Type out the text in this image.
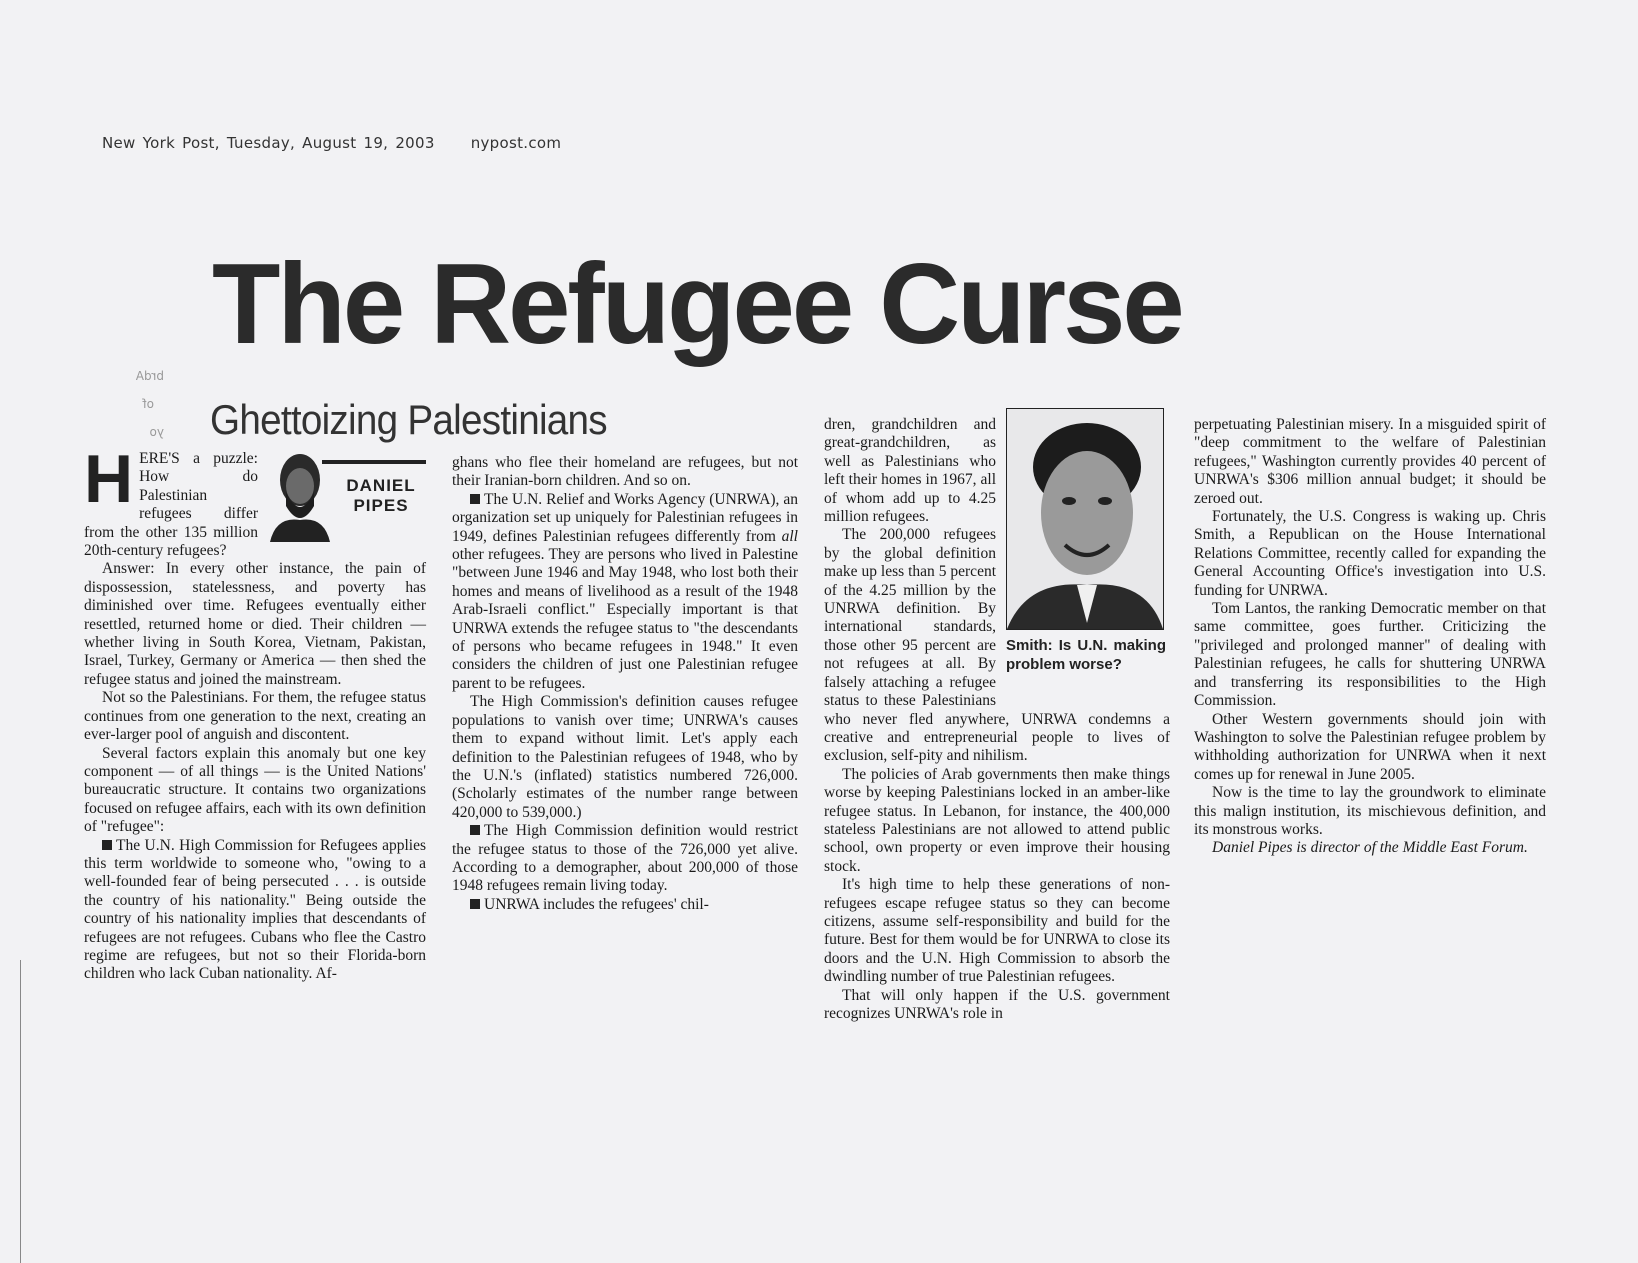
New York Post, Tuesday, August 19, 2003 nypost.com
brdA
of
yo
The Refugee Curse
Ghettoizing Palestinians
DANIEL PIPES

HERE'S a puzzle: How do Palestinian refugees differ from the other 135 million 20th-century refugees?

Answer: In every other instance, the pain of dispossession, statelessness, and poverty has diminished over time. Refugees eventually either resettled, returned home or died. Their children — whether living in South Korea, Vietnam, Pakistan, Israel, Turkey, Germany or America — then shed the refugee status and joined the mainstream.

Not so the Palestinians. For them, the refugee status continues from one generation to the next, creating an ever-larger pool of anguish and discontent.

Several factors explain this anomaly but one key component — of all things — is the United Nations' bureaucratic structure. It contains two organizations focused on refugee affairs, each with its own definition of "refugee":

The U.N. High Commission for Refugees applies this term worldwide to someone who, "owing to a well-founded fear of being persecuted . . . is outside the country of his nationality." Being outside the country of his nationality implies that descendants of refugees are not refugees. Cubans who flee the Castro regime are refugees, but not so their Florida-born children who lack Cuban nationality. Af-

ghans who flee their homeland are refugees, but not their Iranian-born children. And so on.

The U.N. Relief and Works Agency (UNRWA), an organization set up uniquely for Palestinian refugees in 1949, defines Palestinian refugees differently from all other refugees. They are persons who lived in Palestine "between June 1946 and May 1948, who lost both their homes and means of livelihood as a result of the 1948 Arab-Israeli conflict." Especially important is that UNRWA extends the refugee status to "the descendants of persons who became refugees in 1948." It even considers the children of just one Palestinian refugee parent to be refugees.

The High Commission's definition causes refugee populations to vanish over time; UNRWA's causes them to expand without limit. Let's apply each definition to the Palestinian refugees of 1948, who by the U.N.'s (inflated) statistics numbered 726,000. (Scholarly estimates of the number range between 420,000 to 539,000.)

The High Commission definition would restrict the refugee status to those of the 726,000 yet alive. According to a demographer, about 200,000 of those 1948 refugees remain living today.

UNRWA includes the refugees' chil-

Smith: Is U.N. making problem worse?

dren, grandchildren and great-grandchildren, as well as Palestinians who left their homes in 1967, all of whom add up to 4.25 million refugees.

The 200,000 refugees by the global definition make up less than 5 percent of the 4.25 million by the UNRWA definition. By international standards, those other 95 percent are not refugees at all. By falsely attaching a refugee status to these Palestinians who never fled anywhere, UNRWA condemns a creative and entrepreneurial people to lives of exclusion, self-pity and nihilism.

The policies of Arab governments then make things worse by keeping Palestinians locked in an amber-like refugee status. In Lebanon, for instance, the 400,000 stateless Palestinians are not allowed to attend public school, own property or even improve their housing stock.

It's high time to help these generations of non-refugees escape refugee status so they can become citizens, assume self-responsibility and build for the future. Best for them would be for UNRWA to close its doors and the U.N. High Commission to absorb the dwindling number of true Palestinian refugees.

That will only happen if the U.S. government recognizes UNRWA's role in

perpetuating Palestinian misery. In a misguided spirit of "deep commitment to the welfare of Palestinian refugees," Washington currently provides 40 percent of UNRWA's $306 million annual budget; it should be zeroed out.

Fortunately, the U.S. Congress is waking up. Chris Smith, a Republican on the House International Relations Committee, recently called for expanding the General Accounting Office's investigation into U.S. funding for UNRWA.

Tom Lantos, the ranking Democratic member on that same committee, goes further. Criticizing the "privileged and prolonged manner" of dealing with Palestinian refugees, he calls for shuttering UNRWA and transferring its responsibilities to the High Commission.

Other Western governments should join with Washington to solve the Palestinian refugee problem by withholding authorization for UNRWA when it next comes up for renewal in June 2005.

Now is the time to lay the groundwork to eliminate this malign institution, its mischievous definition, and its monstrous works.

Daniel Pipes is director of the Middle East Forum.
